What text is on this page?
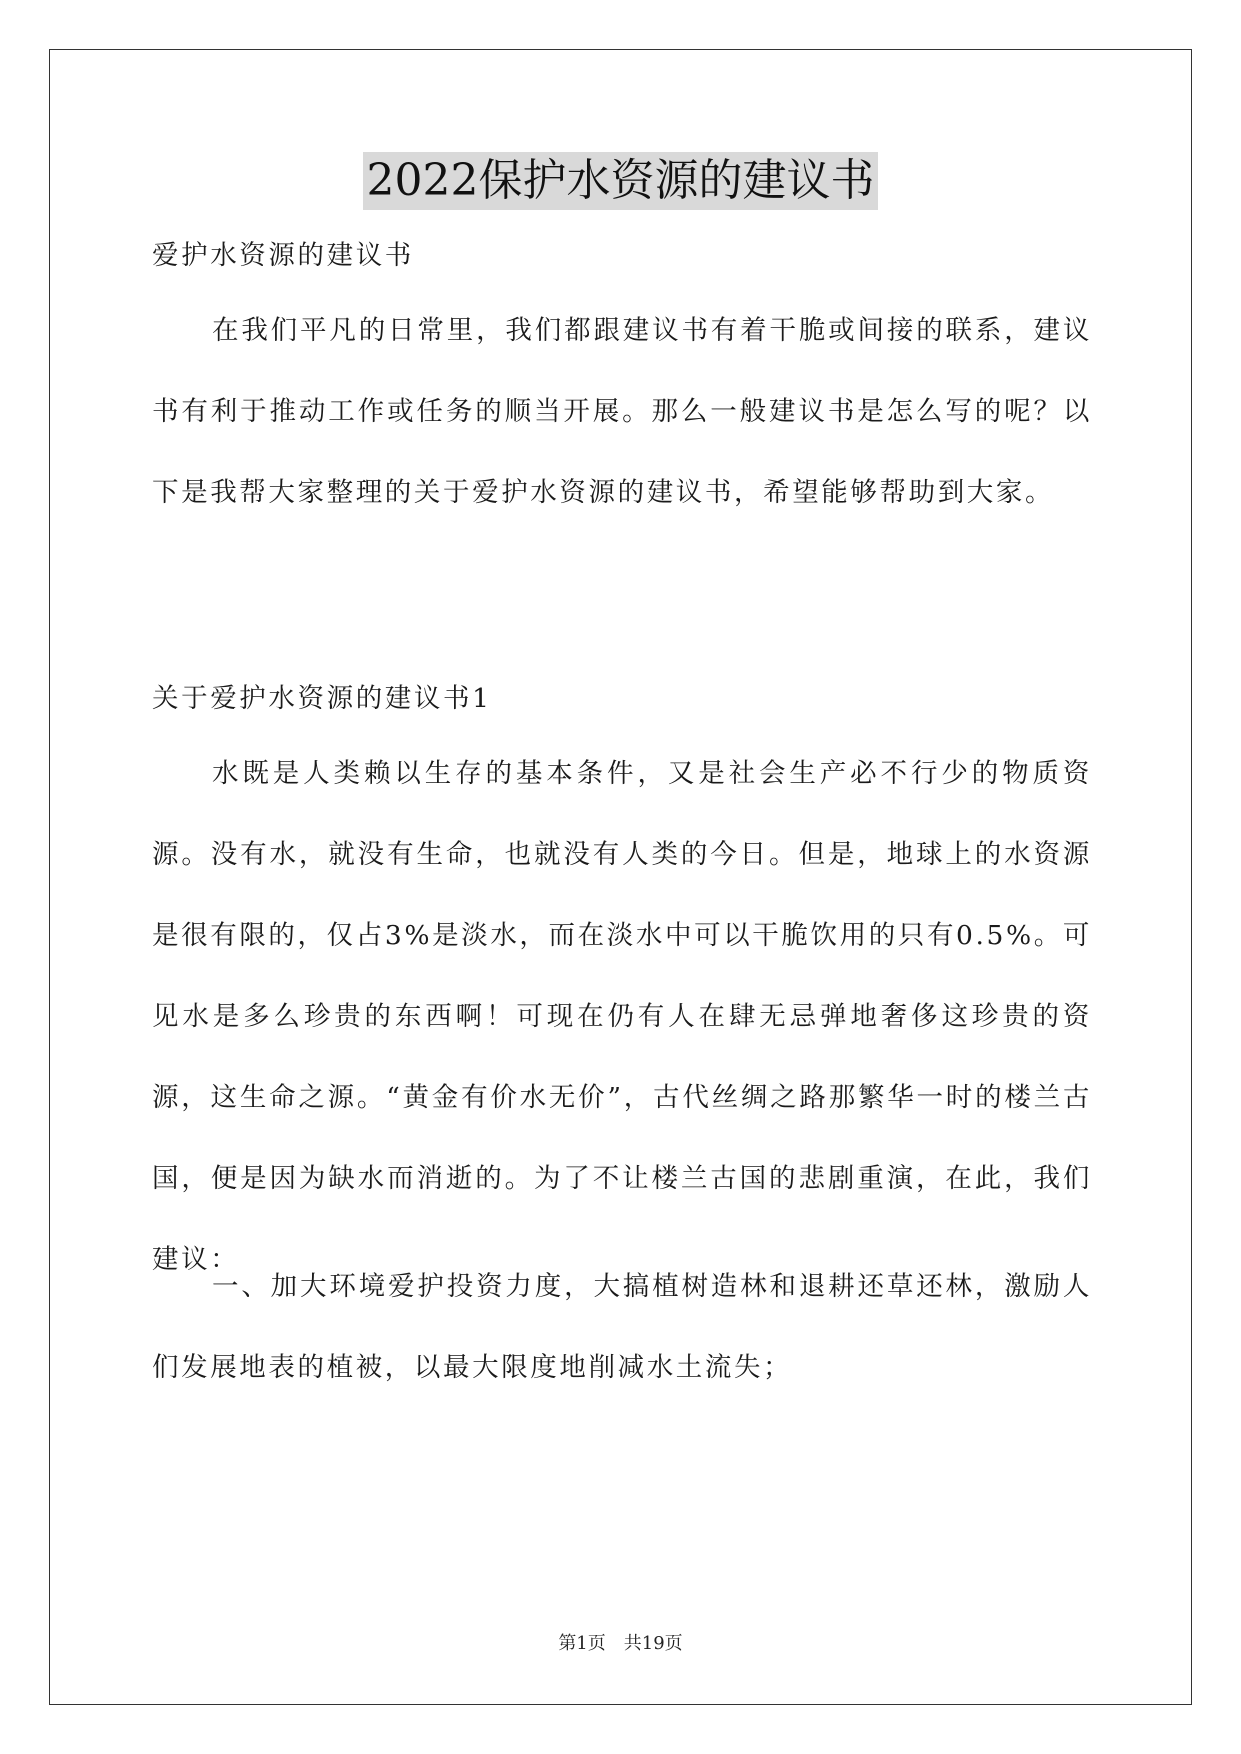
2022保护水资源的建议书

爱护水资源的建议书

在我们平凡的日常里，我们都跟建议书有着干脆或间接的联系，建议书有利于推动工作或任务的顺当开展。那么一般建议书是怎么写的呢？以下是我帮大家整理的关于爱护水资源的建议书，希望能够帮助到大家。

关于爱护水资源的建议书1

水既是人类赖以生存的基本条件，又是社会生产必不行少的物质资源。没有水，就没有生命，也就没有人类的今日。但是，地球上的水资源是很有限的，仅占3%是淡水，而在淡水中可以干脆饮用的只有0.5%。可见水是多么珍贵的东西啊！可现在仍有人在肆无忌弹地奢侈这珍贵的资源，这生命之源。“黄金有价水无价”，古代丝绸之路那繁华一时的楼兰古国，便是因为缺水而消逝的。为了不让楼兰古国的悲剧重演，在此，我们建议：

一、加大环境爱护投资力度，大搞植树造林和退耕还草还林，激励人们发展地表的植被，以最大限度地削减水土流失；

第1页　共19页
